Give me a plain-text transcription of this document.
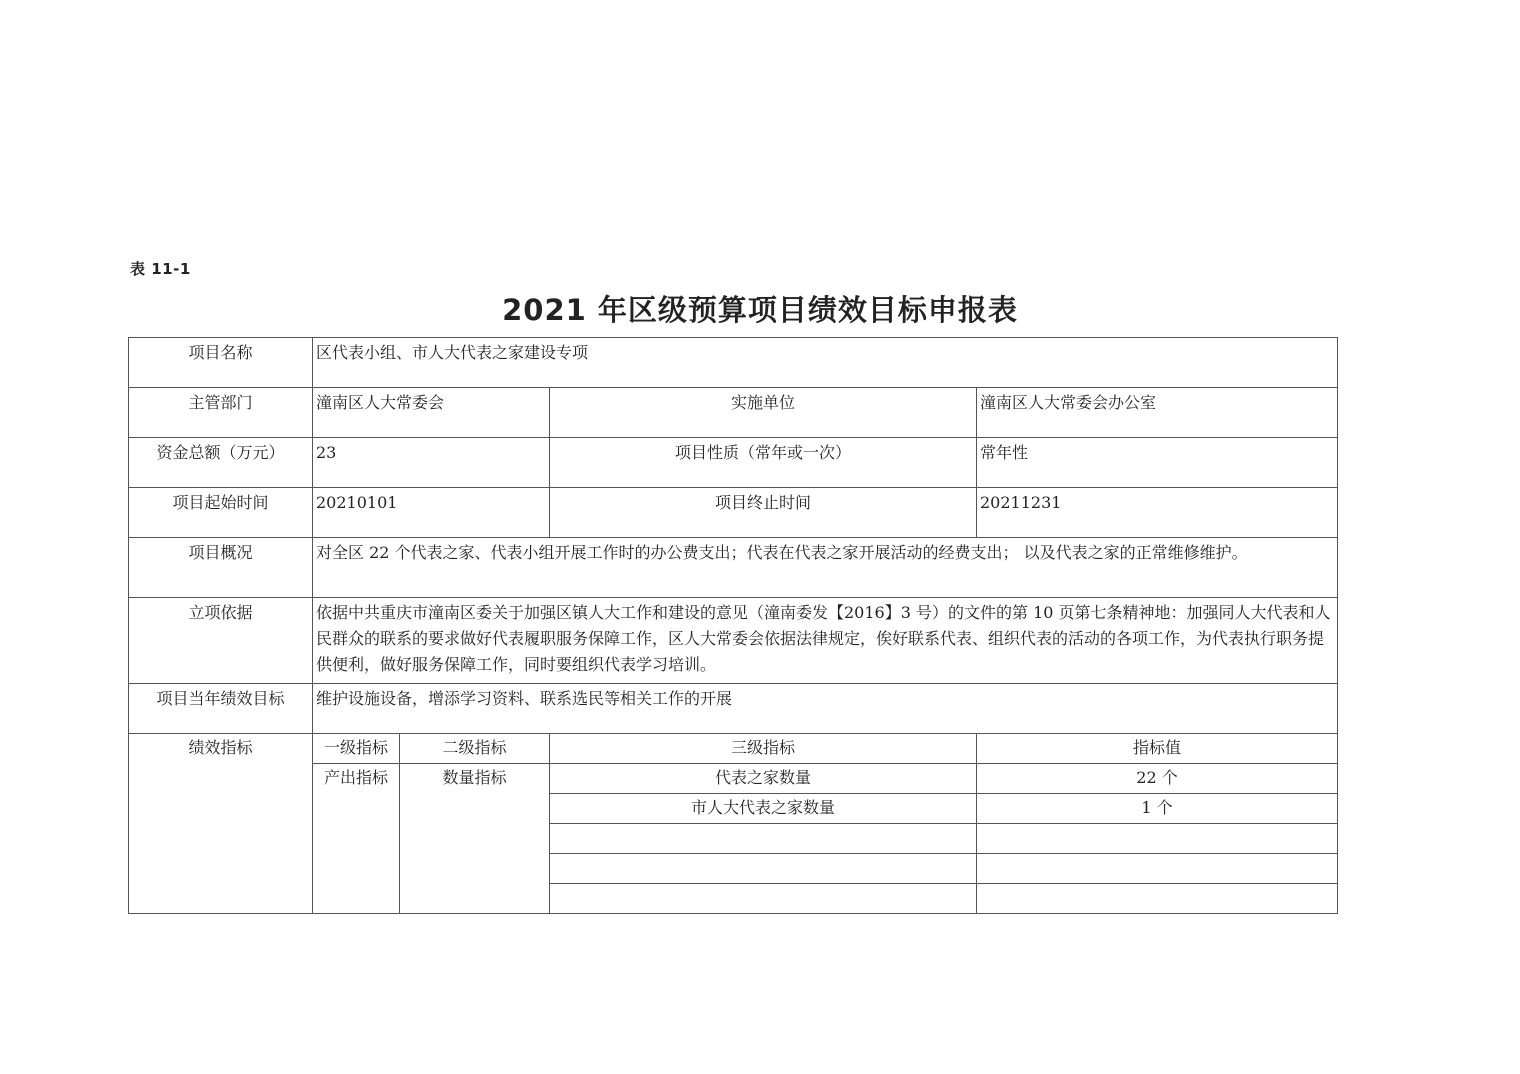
表 11-1
2021 年区级预算项目绩效目标申报表
项目名称	区代表小组、市人大代表之家建设专项			
主管部门	潼南区人大常委会		实施单位	潼南区人大常委会办公室
资金总额（万元）	23		项目性质（常年或一次）	常年性
项目起始时间	20210101		项目终止时间	20211231
项目概况	对全区 22 个代表之家、代表小组开展工作时的办公费支出；代表在代表之家开展活动的经费支出； 以及代表之家的正常维修维护。			
立项依据	依据中共重庆市潼南区委关于加强区镇人大工作和建设的意见（潼南委发【2016】3 号）的文件的第 10 页第七条精神地：加强同人大代表和人民群众的联系的要求做好代表履职服务保障工作，区人大常委会依据法律规定，俟好联系代表、组织代表的活动的各项工作，为代表执行职务提供便利，做好服务保障工作，同时要组织代表学习培训。			
项目当年绩效目标	维护设施设备，增添学习资料、联系选民等相关工作的开展			
绩效指标	一级指标	二级指标	三级指标	指标值
	产出指标	数量指标	代表之家数量	22 个
			市人大代表之家数量	1 个
